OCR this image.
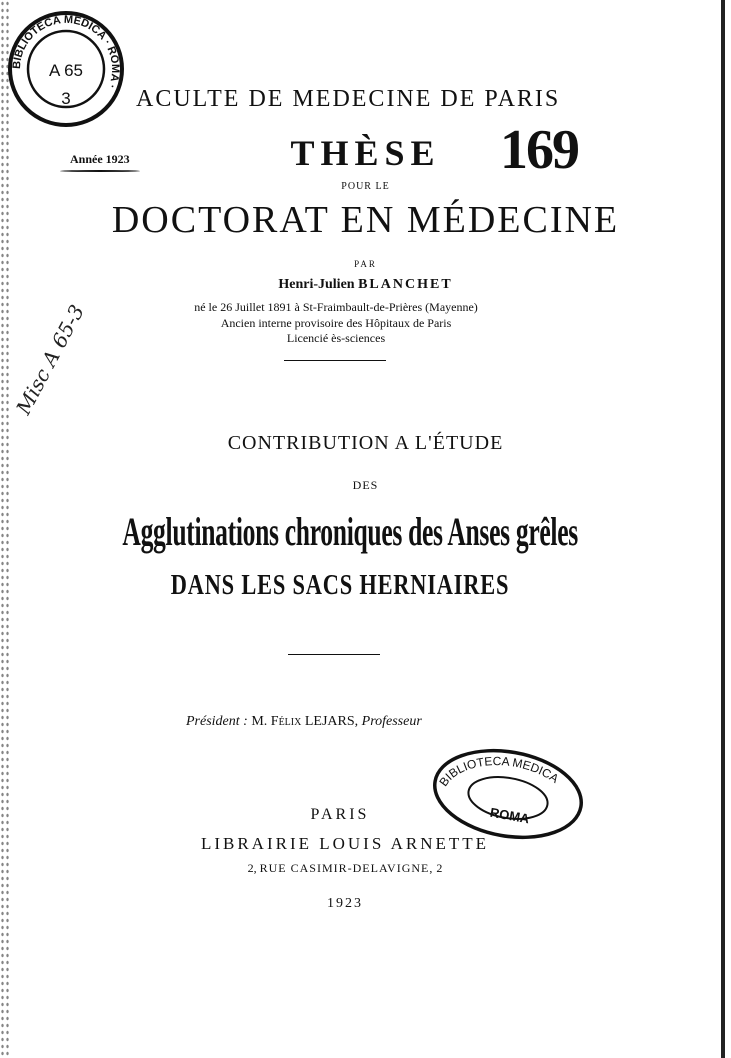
BIBLIOTECA MEDICA · ROMA ·
A 65
3	ACULTE DE MEDECINE DE PARIS
Année 1923	THÈSE	169
POUR LE
DOCTORAT EN MÉDECINE
PAR
Henri-Julien BLANCHET
né le 26 Juillet 1891 à St-Fraimbault-de-Prières (Mayenne)
Ancien interne provisoire des Hôpitaux de Paris
Licencié ès-sciences
Misc A 65-3
CONTRIBUTION A L'ÉTUDE
DES
Agglutinations chroniques des Anses grêles
DANS LES SACS HERNIAIRES
Président : M. Félix LEJARS, Professeur
BIBLIOTECA MEDICA
ROMA
PARIS
LIBRAIRIE LOUIS ARNETTE
2, RUE CASIMIR-DELAVIGNE, 2
1923
